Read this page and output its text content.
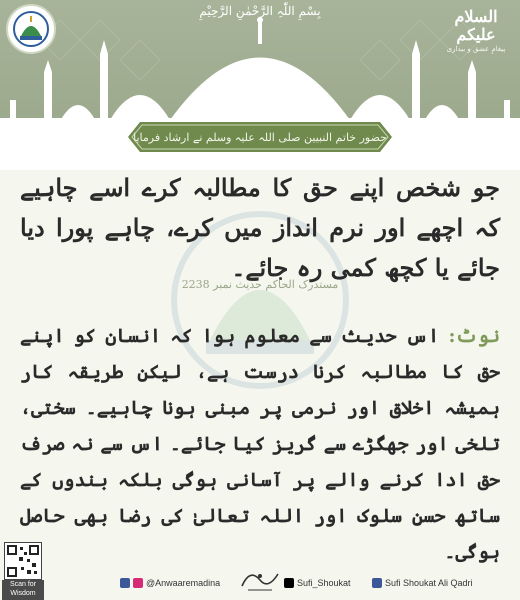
بِسْمِ اللّٰہِ الرَّحْمٰنِ الرَّحِیْمِ	السلام
علیکم
پیغامِ عشق و بیداری
حضور خاتم النبیین صلی اللہ علیہ وسلم نے ارشاد فرمایا
جو شخص اپنے حق کا مطالبہ کرے اسے چاہیے کہ اچھے اور نرم انداز میں کرے، چاہے پورا دیا جائے یا کچھ کمی رہ جائے۔
مستدرک الحاکم حدیث نمبر 2238
نوٹ: اس حدیث سے معلوم ہوا کہ انسان کو اپنے حق کا مطالبہ کرنا درست ہے، لیکن طریقہ کار ہمیشہ اخلاق اور نرمی پر مبنی ہونا چاہیے۔ سختی، تلخی اور جھگڑے سے گریز کیا جائے۔ اس سے نہ صرف حق ادا کرنے والے پر آسانی ہوگی بلکہ بندوں کے ساتھ حسنِ سلوک اور اللہ تعالیٰ کی رضا بھی حاصل ہوگی۔
Scan for Wisdom
@Anwaaremadina	Sufi_Shoukat	Sufi Shoukat Ali Qadri
